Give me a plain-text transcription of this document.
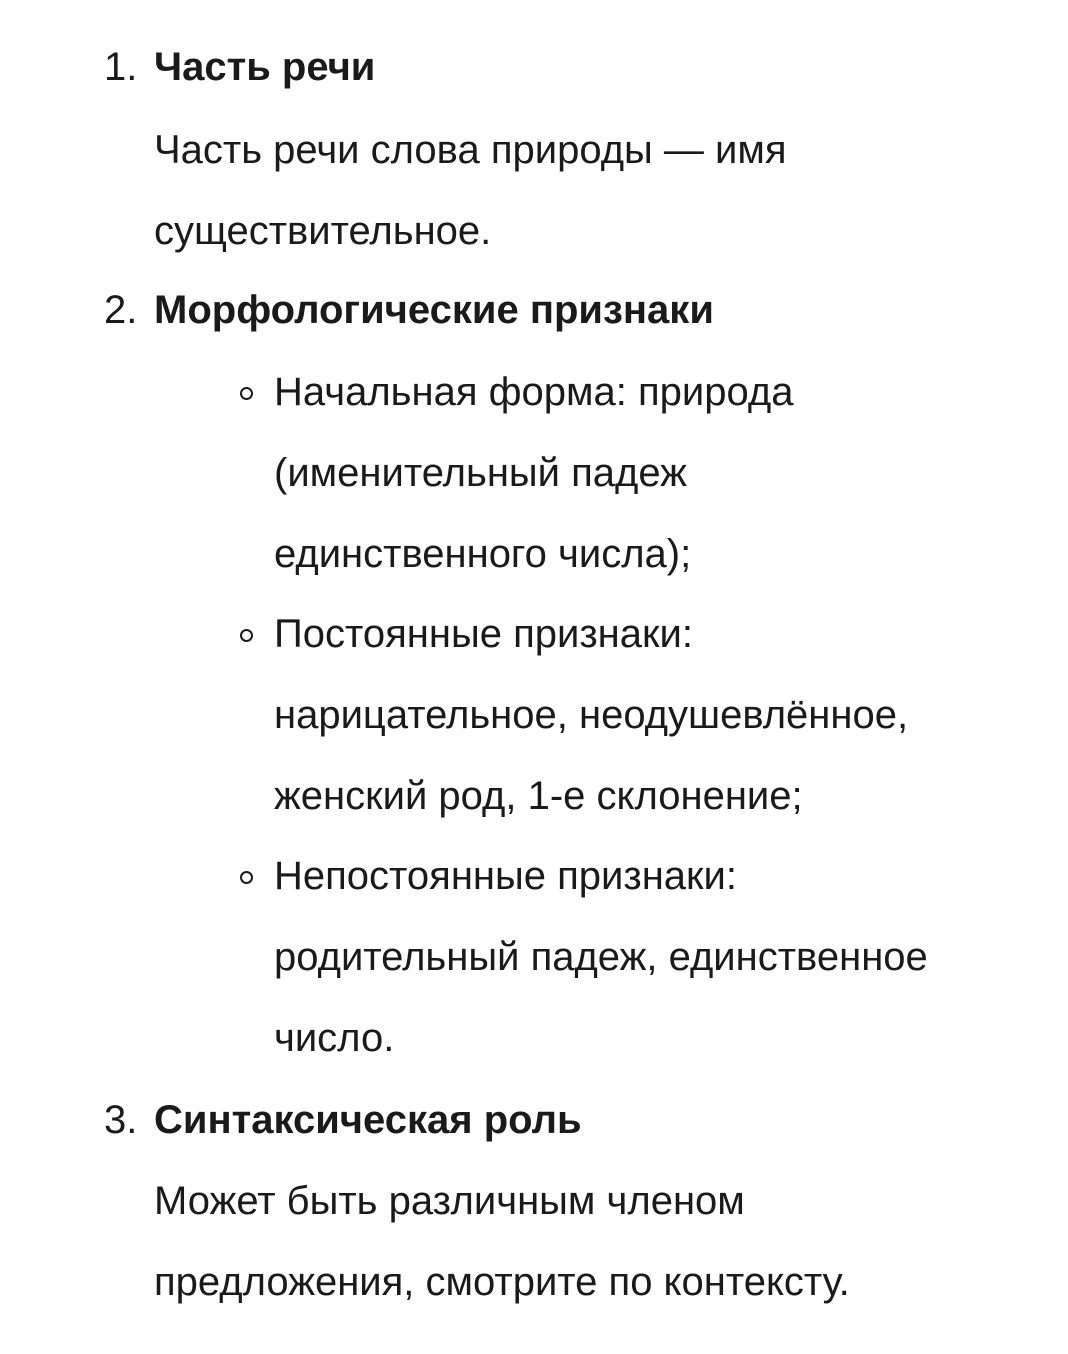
1. Часть речи
Часть речи слова природы — имя
существительное.
2. Морфологические признаки
Начальная форма: природа
(именительный падеж
единственного числа);
Постоянные признаки:
нарицательное, неодушевлённое,
женский род, 1-е склонение;
Непостоянные признаки:
родительный падеж, единственное
число.
3. Синтаксическая роль
Может быть различным членом
предложения, смотрите по контексту.
